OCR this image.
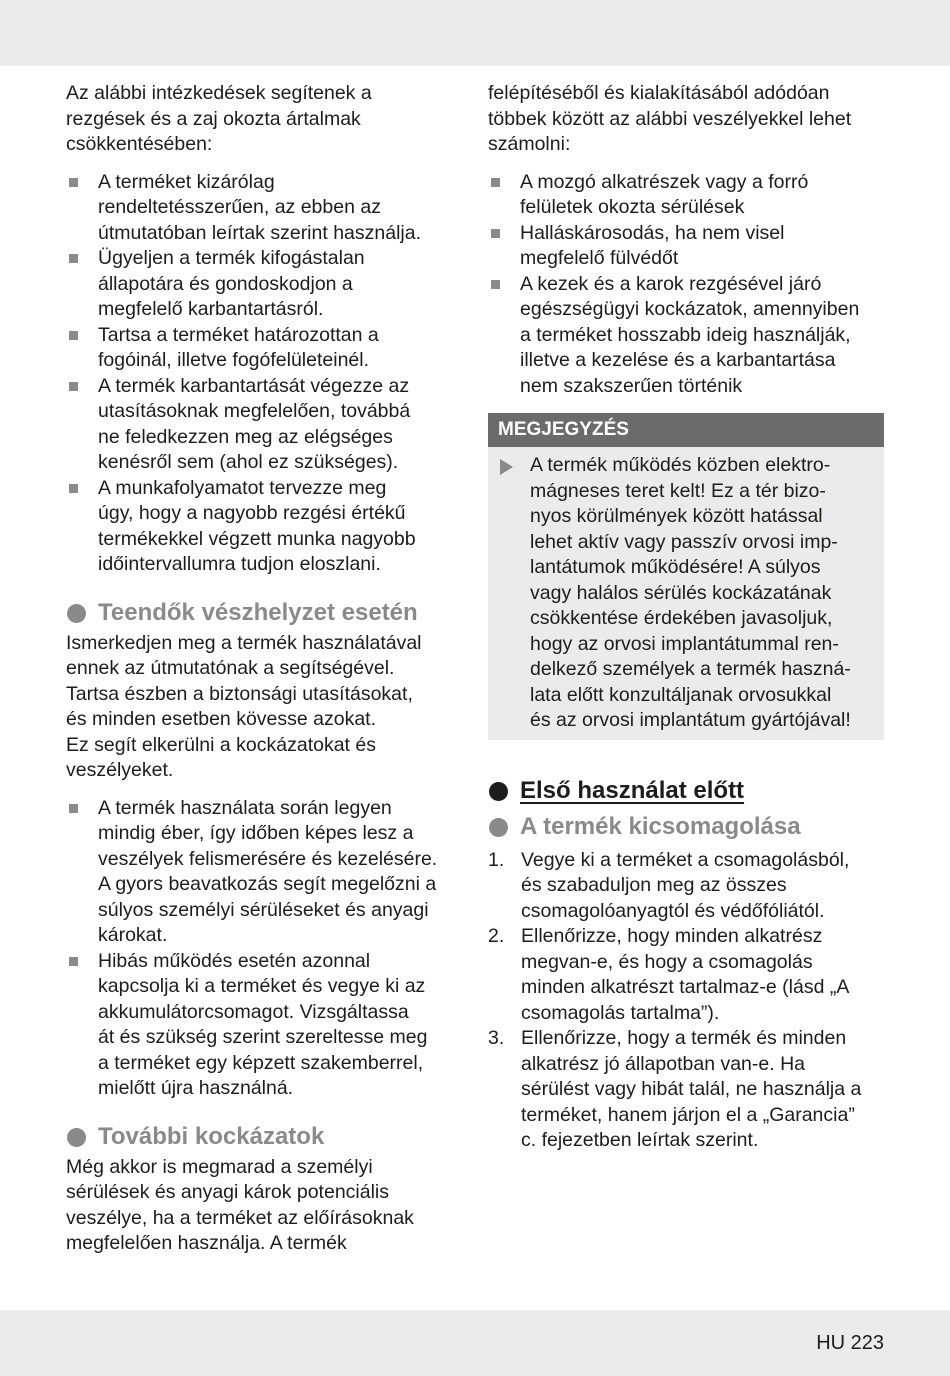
Az alábbi intézkedések segítenek a
rezgések és a zaj okozta ártalmak
csökkentésében:

A terméket kizárólag
rendeltetésszerűen, az ebben az
útmutatóban leírtak szerint használja.
Ügyeljen a termék kifogástalan
állapotára és gondoskodjon a
megfelelő karbantartásról.
Tartsa a terméket határozottan a
fogóinál, illetve fogófelületeinél.
A termék karbantartását végezze az
utasításoknak megfelelően, továbbá
ne feledkezzen meg az elégséges
kenésről sem (ahol ez szükséges).
A munkafolyamatot tervezze meg
úgy, hogy a nagyobb rezgési értékű
termékekkel végzett munka nagyobb
időintervallumra tudjon eloszlani.
Teendők vészhelyzet esetén

Ismerkedjen meg a termék használatával
ennek az útmutatónak a segítségével.
Tartsa észben a biztonsági utasításokat,
és minden esetben kövesse azokat.
Ez segít elkerülni a kockázatokat és
veszélyeket.

A termék használata során legyen
mindig éber, így időben képes lesz a
veszélyek felismerésére és kezelésére.
A gyors beavatkozás segít megelőzni a
súlyos személyi sérüléseket és anyagi
károkat.
Hibás működés esetén azonnal
kapcsolja ki a terméket és vegye ki az
akkumulátorcsomagot. Vizsgáltassa
át és szükség szerint szereltesse meg
a terméket egy képzett szakemberrel,
mielőtt újra használná.
További kockázatok

Még akkor is megmarad a személyi
sérülések és anyagi károk potenciális
veszélye, ha a terméket az előírásoknak
megfelelően használja. A termék

felépítéséből és kialakításából adódóan
többek között az alábbi veszélyekkel lehet
számolni:

A mozgó alkatrészek vagy a forró
felületek okozta sérülések
Halláskárosodás, ha nem visel
megfelelő fülvédőt
A kezek és a karok rezgésével járó
egészségügyi kockázatok, amennyiben
a terméket hosszabb ideig használják,
illetve a kezelése és a karbantartása
nem szakszerűen történik
MEGJEGYZÉS

A termék működés közben elektro-
mágneses teret kelt! Ez a tér bizo-
nyos körülmények között hatással
lehet aktív vagy passzív orvosi imp-
lantátumok működésére! A súlyos
vagy halálos sérülés kockázatának
csökkentése érdekében javasoljuk,
hogy az orvosi implantátummal ren-
delkező személyek a termék haszná-
lata előtt konzultáljanak orvosukkal
és az orvosi implantátum gyártójával!

Első használat előtt
A termék kicsomagolása
1. Vegye ki a terméket a csomagolásból,
és szabaduljon meg az összes
csomagolóanyagtól és védőfóliától.
2. Ellenőrizze, hogy minden alkatrész
megvan-e, és hogy a csomagolás
minden alkatrészt tartalmaz-e (lásd „A
csomagolás tartalma”).
3. Ellenőrizze, hogy a termék és minden
alkatrész jó állapotban van-e. Ha
sérülést vagy hibát talál, ne használja a
terméket, hanem járjon el a „Garancia”
c. fejezetben leírtak szerint.
HU 223
